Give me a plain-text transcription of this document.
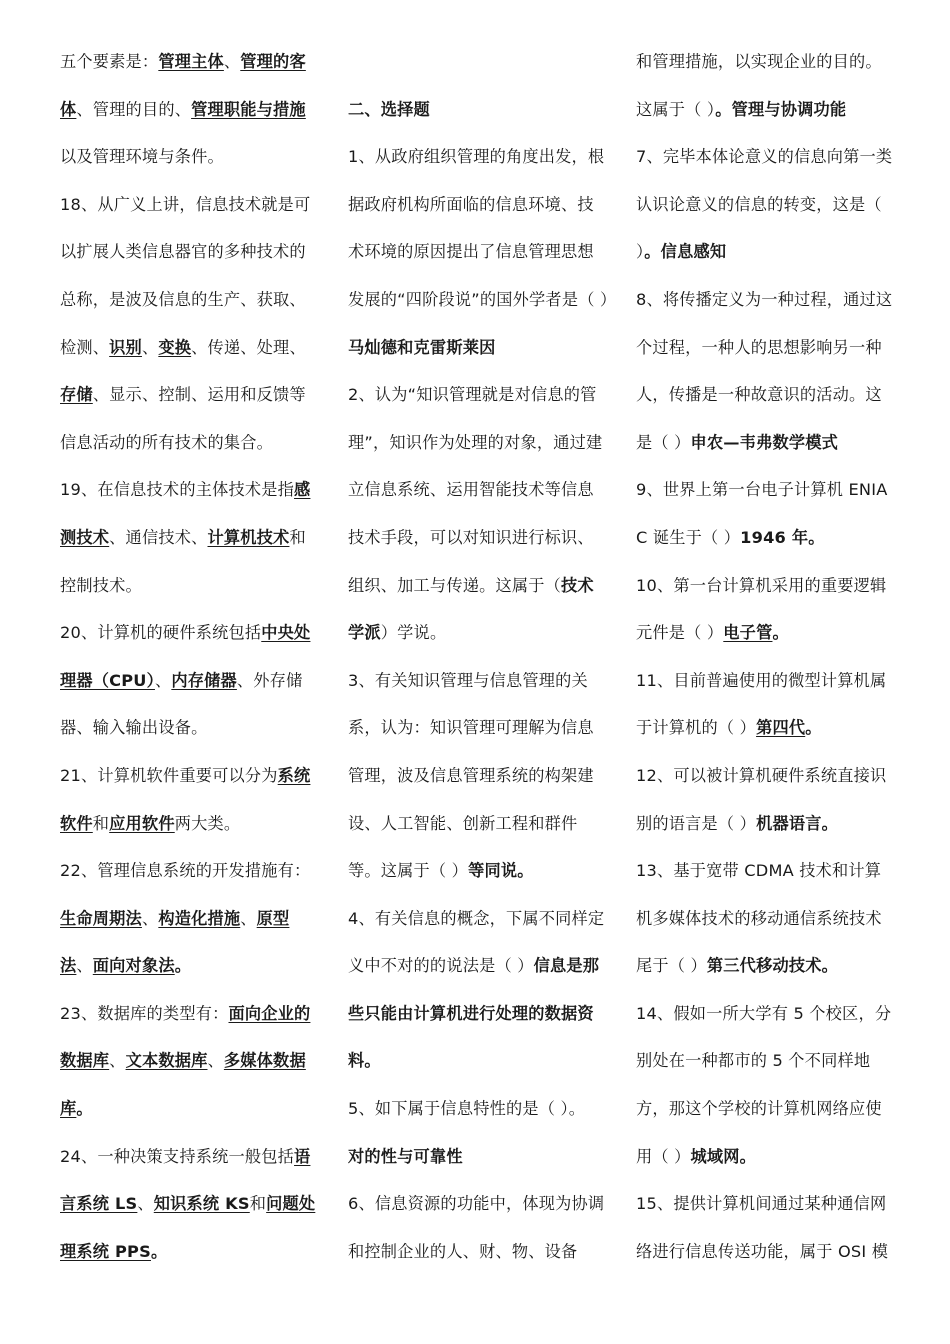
五个要素是：管理主体、管理的客体、管理的目的、管理职能与措施以及管理环境与条件。

18、从广义上讲，信息技术就是可以扩展人类信息器官的多种技术的总称，是波及信息的生产、获取、检测、识别、变换、传递、处理、存储、显示、控制、运用和反馈等信息活动的所有技术的集合。

19、在信息技术的主体技术是指感测技术、通信技术、计算机技术和控制技术。

20、计算机的硬件系统包括中央处理器（CPU）、内存储器、外存储器、输入输出设备。

21、计算机软件重要可以分为系统软件和应用软件两大类。

22、管理信息系统的开发措施有：生命周期法、构造化措施、原型法、面向对象法。

23、数据库的类型有：面向企业的数据库、文本数据库、多媒体数据库。

24、一种决策支持系统一般包括语言系统 LS、知识系统 KS和问题处理系统 PPS。

二、选择题

1、从政府组织管理的角度出发，根据政府机构所面临的信息环境、技术环境的原因提出了信息管理思想发展的“四阶段说”的国外学者是（ ）马灿德和克雷斯莱因

2、认为“知识管理就是对信息的管理”，知识作为处理的对象，通过建立信息系统、运用智能技术等信息技术手段，可以对知识进行标识、组织、加工与传递。这属于（技术学派）学说。

3、有关知识管理与信息管理的关系，认为：知识管理可理解为信息管理，波及信息管理系统的构架建设、人工智能、创新工程和群件等。这属于（ ）等同说。

4、有关信息的概念，下属不同样定义中不对的的说法是（ ）信息是那些只能由计算机进行处理的数据资料。

5、如下属于信息特性的是（ ）。
对的性与可靠性

6、信息资源的功能中，体现为协调和控制企业的人、财、物、设备

和管理措施，以实现企业的目的。这属于（ ）。管理与协调功能

7、完毕本体论意义的信息向第一类认识论意义的信息的转变，这是（ ）。信息感知

8、将传播定义为一种过程，通过这个过程，一种人的思想影响另一种人，传播是一种故意识的活动。这是（ ）申农—韦弗数学模式

9、世界上第一台电子计算机 ENIAC 诞生于（ ）1946 年。

10、第一台计算机采用的重要逻辑元件是（ ）电子管。

11、目前普遍使用的微型计算机属于计算机的（ ）第四代。

12、可以被计算机硬件系统直接识别的语言是（ ）机器语言。

13、基于宽带 CDMA 技术和计算机多媒体技术的移动通信系统技术尾于（ ）第三代移动技术。

14、假如一所大学有 5 个校区，分别处在一种都市的 5 个不同样地方，那这个学校的计算机网络应使用（ ）城域网。

15、提供计算机间通过某种通信网络进行信息传送功能，属于 OSI 模
